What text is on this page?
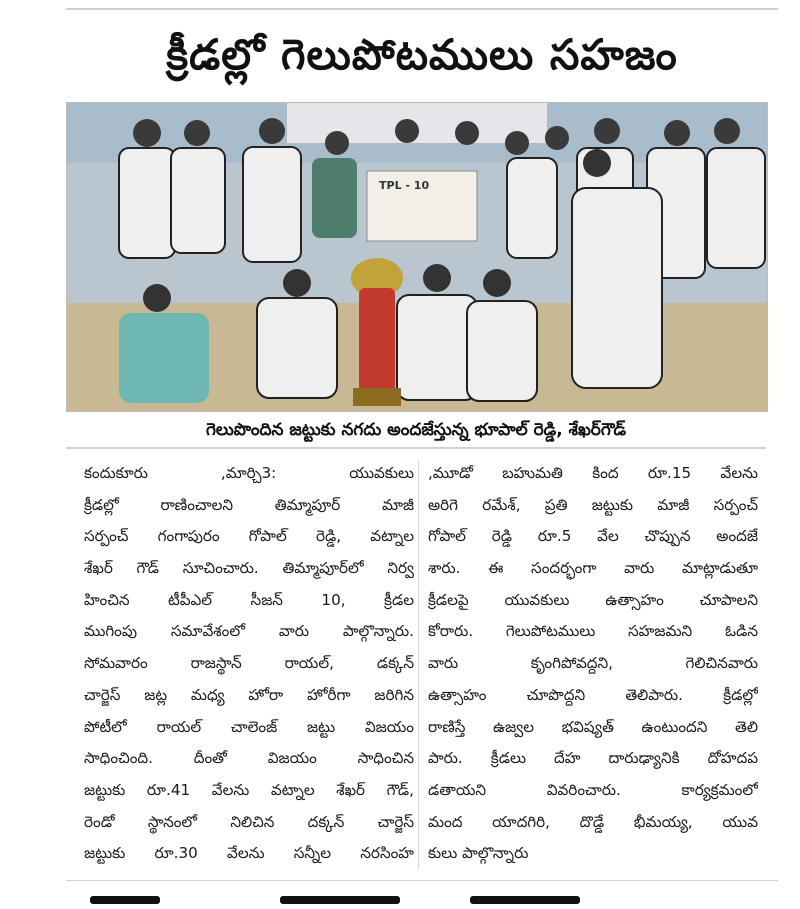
క్రీడల్లో గెలుపోటములు సహజం
TPL - 10
గెలుపొందిన జట్టుకు నగదు అందజేస్తున్న భూపాల్ రెడ్డి, శేఖర్‌గౌడ్
కందుకూరు ,మార్చి3: యువకులు
క్రీడల్లో రాణించాలని తిమ్మాపూర్ మాజీ
సర్పంచ్ గంగాపురం గోపాల్ రెడ్డి, వట్నాల
శేఖర్ గౌడ్ సూచించారు. తిమ్మాపూర్‌లో నిర్వ
హించిన టీపీఎల్ సీజన్ 10, క్రీడల
ముగింపు సమావేశంలో వారు పాల్గొన్నారు.
సోమవారం రాజస్థాన్ రాయల్, డక్కన్
చార్జెస్ జట్ల మధ్య హోరా హోరీగా జరిగిన
పోటీలో రాయల్ చాలెంజ్ జట్టు విజయం
సాధించింది. దీంతో విజయం సాధించిన
జట్టుకు రూ.41 వేలను వట్నాల శేఖర్ గౌడ్,
రెండో స్థానంలో నిలిచిన దక్కన్ చార్జెస్
జట్టుకు రూ.30 వేలను సన్నీల నరసింహ
,మూడో బహుమతి కింద రూ.15 వేలను
అరిగె రమేశ్, ప్రతి జట్టుకు మాజీ సర్పంచ్
గోపాల్ రెడ్డి రూ.5 వేల చొప్పున అందజే
శారు. ఈ సందర్భంగా వారు మాట్లాడుతూ
క్రీడలపై యువకులు ఉత్సాహం చూపాలని
కోరారు. గెలుపోటములు సహజమని ఓడిన
వారు కృంగిపోవద్దని, గెలిచినవారు
ఉత్సాహం చూపొద్దని తెలిపారు. క్రీడల్లో
రాణిస్తే ఉజ్వల భవిష్యత్ ఉంటుందని తెలి
పారు. క్రీడలు దేహ దారుఢ్యానికి దోహదప
డతాయని వివరించారు. కార్యక్రమంలో
మంద యాదగిరి, దొడ్డే భీమయ్య, యువ
కులు పాల్గొన్నారు
